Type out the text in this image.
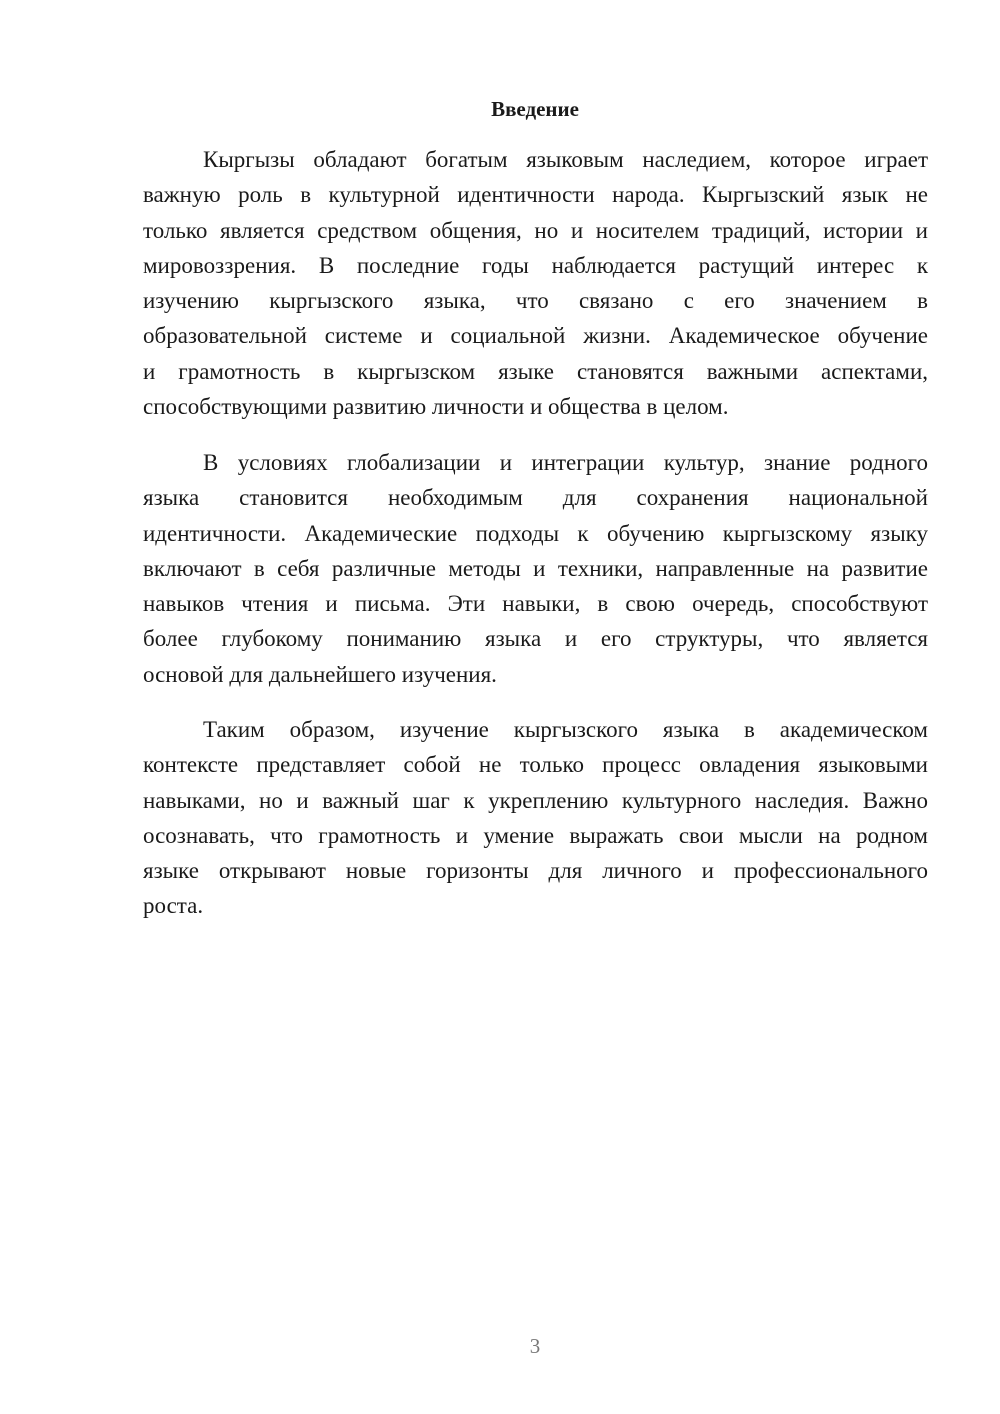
Введение
Кыргызы обладают богатым языковым наследием, которое играет
важную роль в культурной идентичности народа. Кыргызский язык не
только является средством общения, но и носителем традиций, истории и
мировоззрения. В последние годы наблюдается растущий интерес к
изучению кыргызского языка, что связано с его значением в
образовательной системе и социальной жизни. Академическое обучение
и грамотность в кыргызском языке становятся важными аспектами,
способствующими развитию личности и общества в целом.
В условиях глобализации и интеграции культур, знание родного
языка становится необходимым для сохранения национальной
идентичности. Академические подходы к обучению кыргызскому языку
включают в себя различные методы и техники, направленные на развитие
навыков чтения и письма. Эти навыки, в свою очередь, способствуют
более глубокому пониманию языка и его структуры, что является
основой для дальнейшего изучения.
Таким образом, изучение кыргызского языка в академическом
контексте представляет собой не только процесс овладения языковыми
навыками, но и важный шаг к укреплению культурного наследия. Важно
осознавать, что грамотность и умение выражать свои мысли на родном
языке открывают новые горизонты для личного и профессионального
роста.
3
